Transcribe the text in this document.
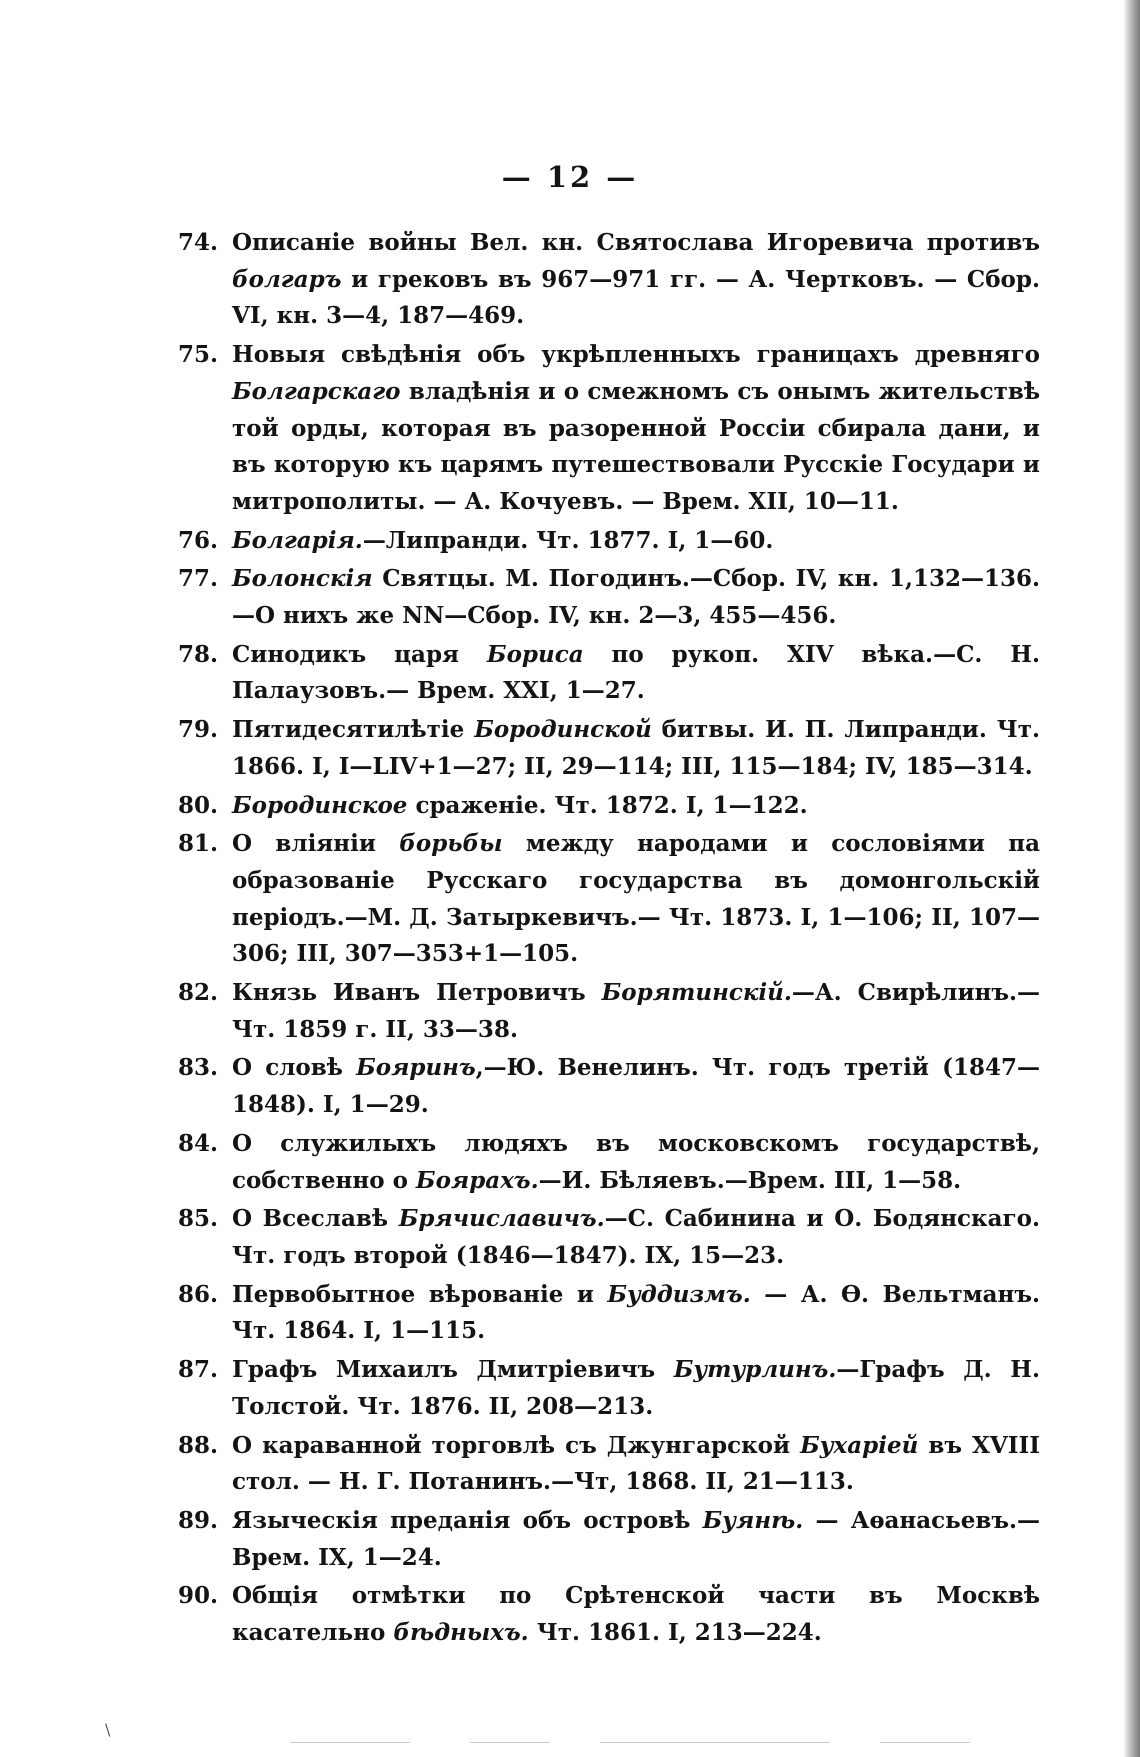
— 12 —
74. Описаніе войны Вел. кн. Святослава Игоревича противъ болгаръ и грековъ въ 967—971 гг. — А. Чертковъ. — Сбор. VI, кн. 3—4, 187—469.
75. Новыя свѣдѣнія объ укрѣпленныхъ границахъ древняго Болгарскаго владѣнія и о смежномъ съ онымъ жительствѣ той орды, которая въ разоренной Россіи сбирала дани, и въ которую къ царямъ путешествовали Русскіе Государи и митрополиты. — А. Кочуевъ. — Врем. XII, 10—11.
76. Болгарія.—Липранди. Чт. 1877. I, 1—60.
77. Болонскія Святцы. М. Погодинъ.—Сбор. IV, кн. 1,132—136.—О нихъ же NN—Сбор. IV, кн. 2—3, 455—456.
78. Синодикъ царя Бориса по рукоп. XIV вѣка.—С. Н. Палаузовъ.— Врем. XXI, 1—27.
79. Пятидесятилѣтіе Бородинской битвы. И. П. Липранди. Чт. 1866. I, I—LIV+1—27; II, 29—114; III, 115—184; IV, 185—314.
80. Бородинское сраженіе. Чт. 1872. I, 1—122.
81. О вліяніи борьбы между народами и сословіями па образованіе Русскаго государства въ домонгольскій періодъ.—М. Д. Затыркевичъ.— Чт. 1873. I, 1—106; II, 107—306; III, 307—353+1—105.
82. Князь Иванъ Петровичъ Борятинскій.—А. Свирѣлинъ.—Чт. 1859 г. II, 33—38.
83. О словѣ Бояринъ,—Ю. Венелинъ. Чт. годъ третій (1847—1848). I, 1—29.
84. О служилыхъ людяхъ въ московскомъ государствѣ, собственно о Боярахъ.—И. Бѣляевъ.—Врем. III, 1—58.
85. О Всеславѣ Брячиславичъ.—С. Сабинина и О. Бодянскаго. Чт. годъ второй (1846—1847). IX, 15—23.
86. Первобытное вѣрованіе и Буддизмъ. — А. Ѳ. Вельтманъ. Чт. 1864. I, 1—115.
87. Графъ Михаилъ Дмитріевичъ Бутурлинъ.—Графъ Д. Н. Толстой. Чт. 1876. II, 208—213.
88. О караванной торговлѣ съ Джунгарской Бухаріей въ XVIII стол. — Н. Г. Потанинъ.—Чт, 1868. II, 21—113.
89. Языческія преданія объ островѣ Буянѣ. — Аѳанасьевъ.—Врем. IX, 1—24.
90. Общія отмѣтки по Срѣтенской части въ Москвѣ касательно бѣдныхъ. Чт. 1861. I, 213—224.
\
